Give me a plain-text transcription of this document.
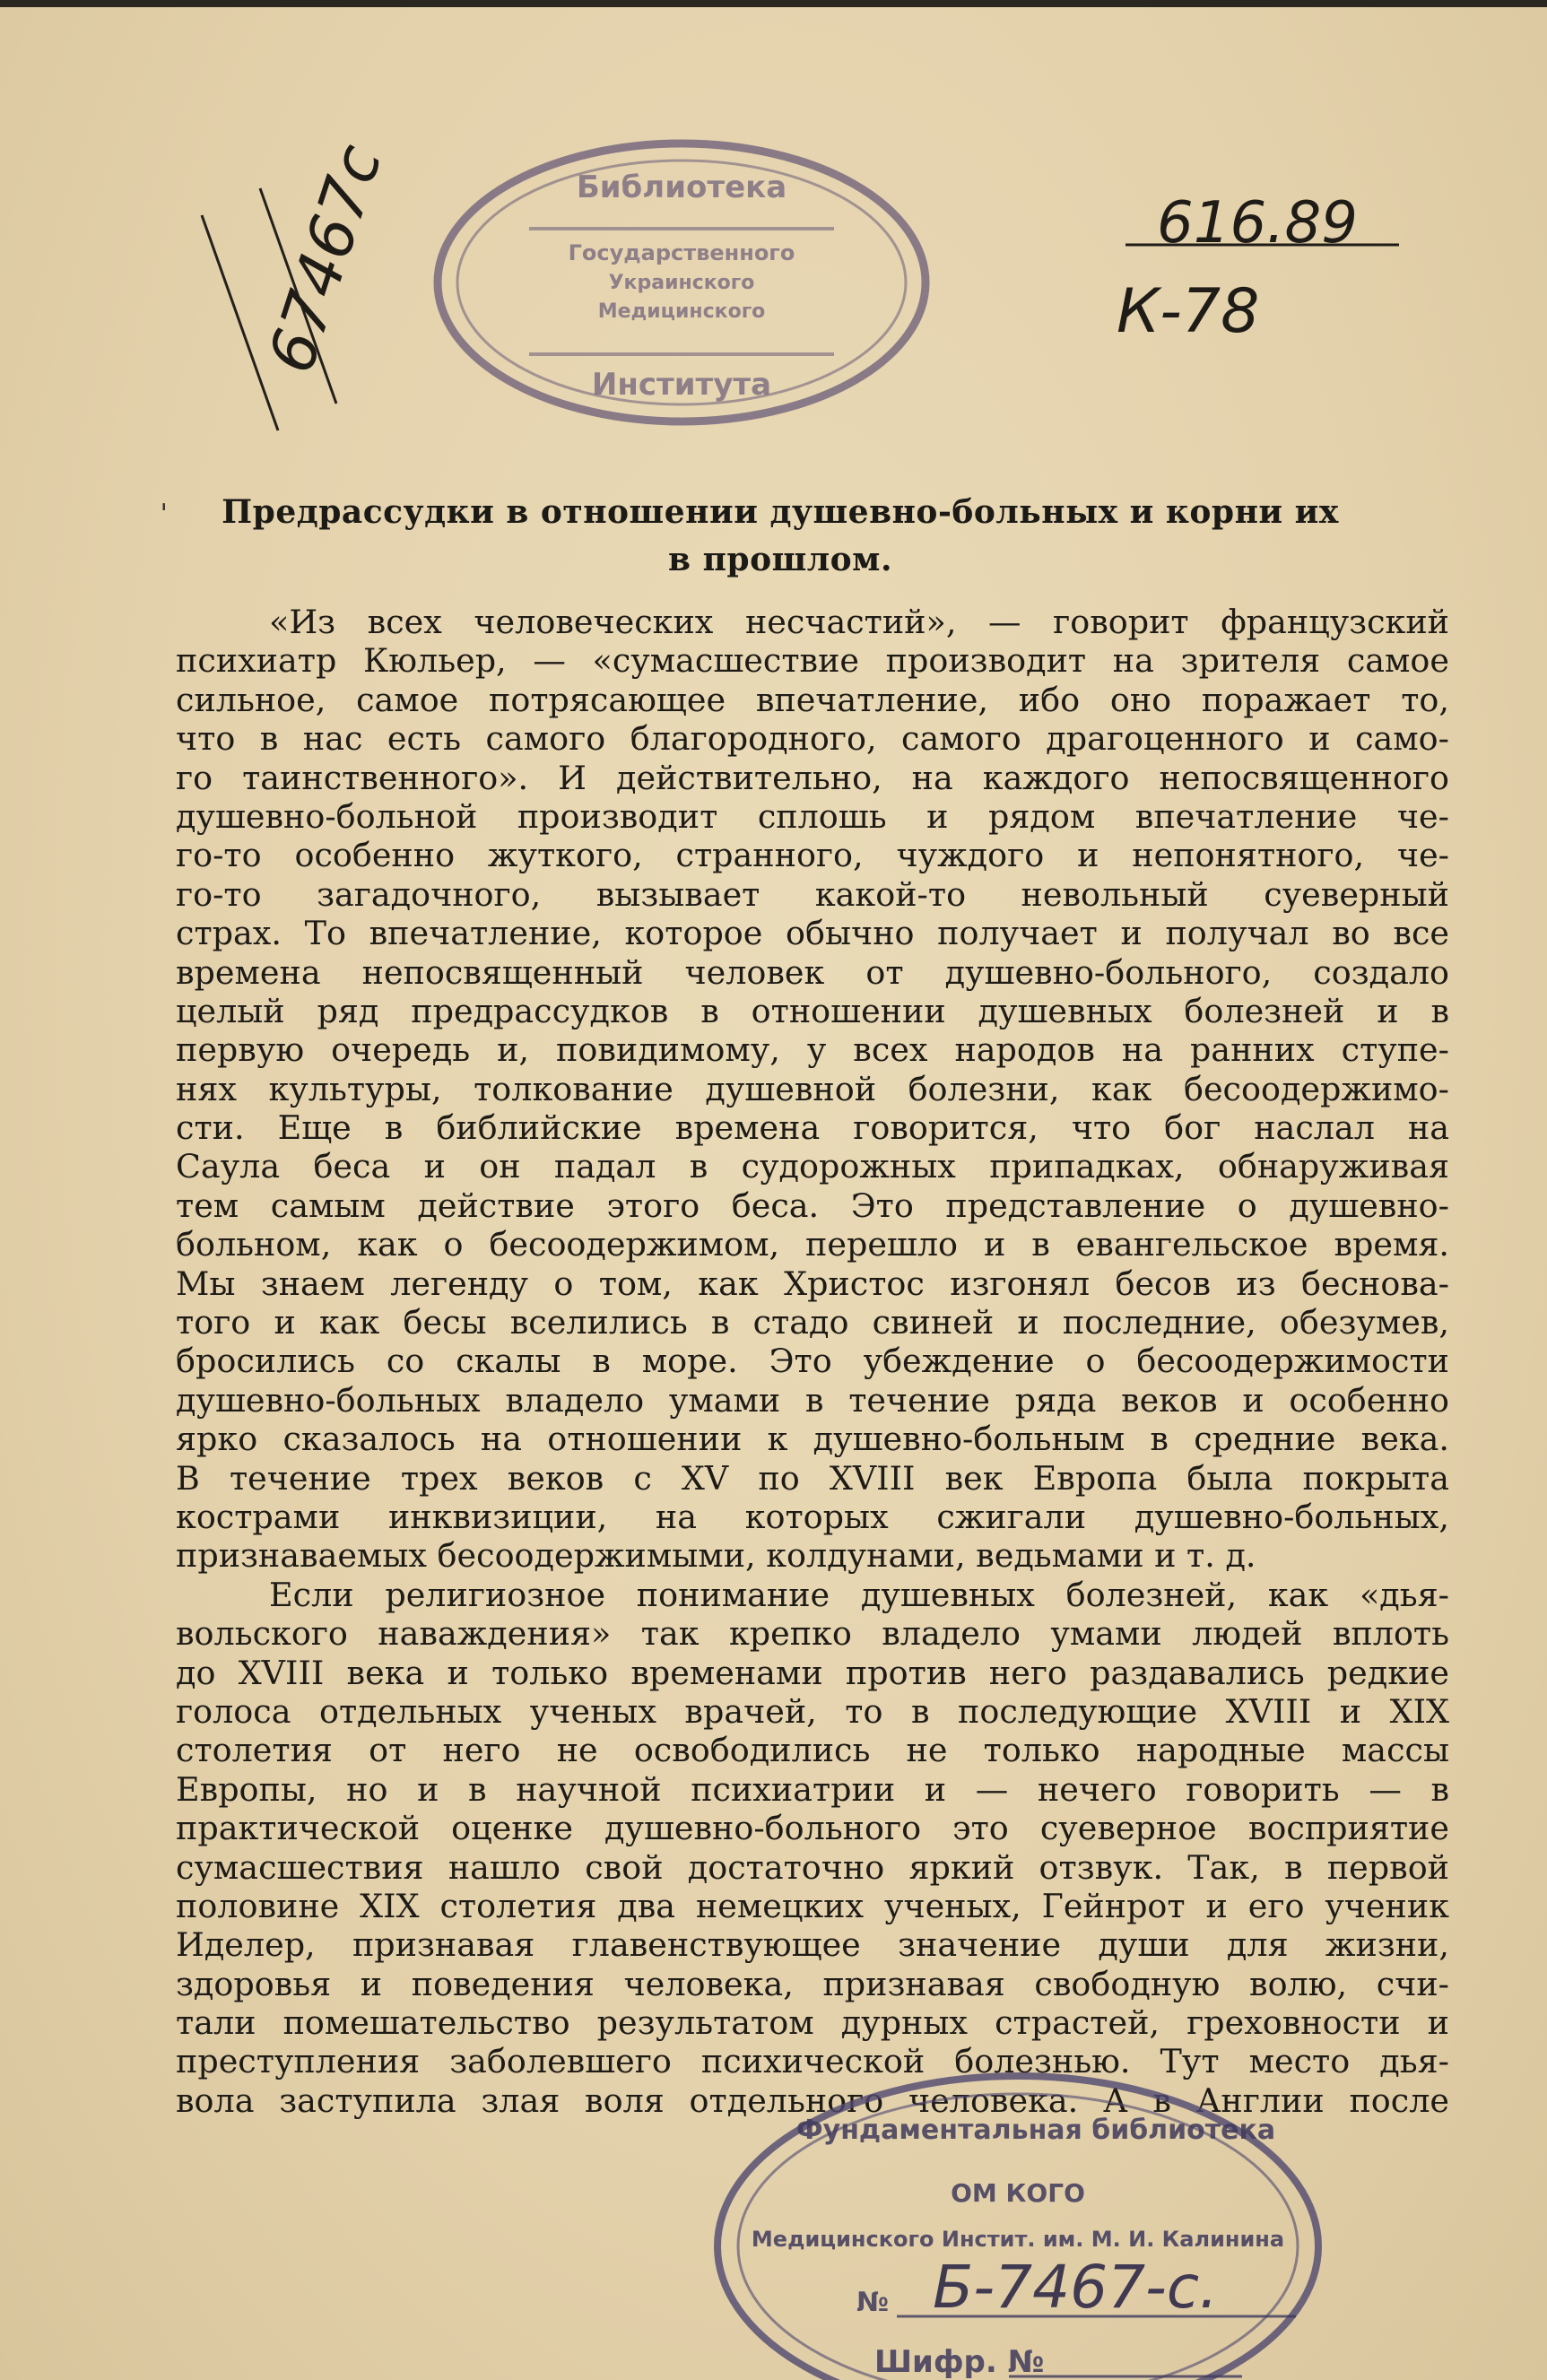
67467с	Библиотека
Государственного
Украинского
Медицинского
Института
616.89
К-78
ˈ	Предрассудки в отношении душевно-больных и корни их
в прошлом.
«Из всех человеческих несчастий», — говорит французский
психиатр Кюльер, — «сумасшествие производит на зрителя самое
сильное, самое потрясающее впечатление, ибо оно поражает то,
что в нас есть самого благородного, самого драгоценного и само-
го таинственного». И действительно, на каждого непосвященного
душевно-больной производит сплошь и рядом впечатление че-
го-то особенно жуткого, странного, чуждого и непонятного, че-
го-то загадочного, вызывает какой-то невольный суеверный
страх. То впечатление, которое обычно получает и получал во все
времена непосвященный человек от душевно-больного, создало
целый ряд предрассудков в отношении душевных болезней и в
первую очередь и, повидимому, у всех народов на ранних ступе-
нях культуры, толкование душевной болезни, как бесоодержимо-
сти. Еще в библийские времена говорится, что бог наслал на
Саула беса и он падал в судорожных припадках, обнаруживая
тем самым действие этого беса. Это представление о душевно-
больном, как о бесоодержимом, перешло и в евангельское время.
Мы знаем легенду о том, как Христос изгонял бесов из беснова-
того и как бесы вселились в стадо свиней и последние, обезумев,
бросились со скалы в море. Это убеждение о бесоодержимости
душевно-больных владело умами в течение ряда веков и особенно
ярко сказалось на отношении к душевно-больным в средние века.
В течение трех веков с XV по XVIII век Европа была покрыта
кострами инквизиции, на которых сжигали душевно-больных,
признаваемых бесоодержимыми, колдунами, ведьмами и т. д.
Если религиозное понимание душевных болезней, как «дья-
вольского наваждения» так крепко владело умами людей вплоть
до XVIII века и только временами против него раздавались редкие
голоса отдельных ученых врачей, то в последующие XVIII и XIX
столетия от него не освободились не только народные массы
Европы, но и в научной психиатрии и — нечего говорить — в
практической оценке душевно-больного это суеверное восприятие
сумасшествия нашло свой достаточно яркий отзвук. Так, в первой
половине XIX столетия два немецких ученых, Гейнрот и его ученик
Иделер, признавая главенствующее значение души для жизни,
здоровья и поведения человека, признавая свободную волю, счи-
тали помешательство результатом дурных страстей, греховности и
преступления заболевшего психической болезнью. Тут место дья-
вола заступила злая воля отдельного человека. А в Англии после
Фундаментальная библиотека
ОМ КОГО
Медицинского Инстит. им. М. И. Калинина
№ Б-7467-с.
Шифр. №
